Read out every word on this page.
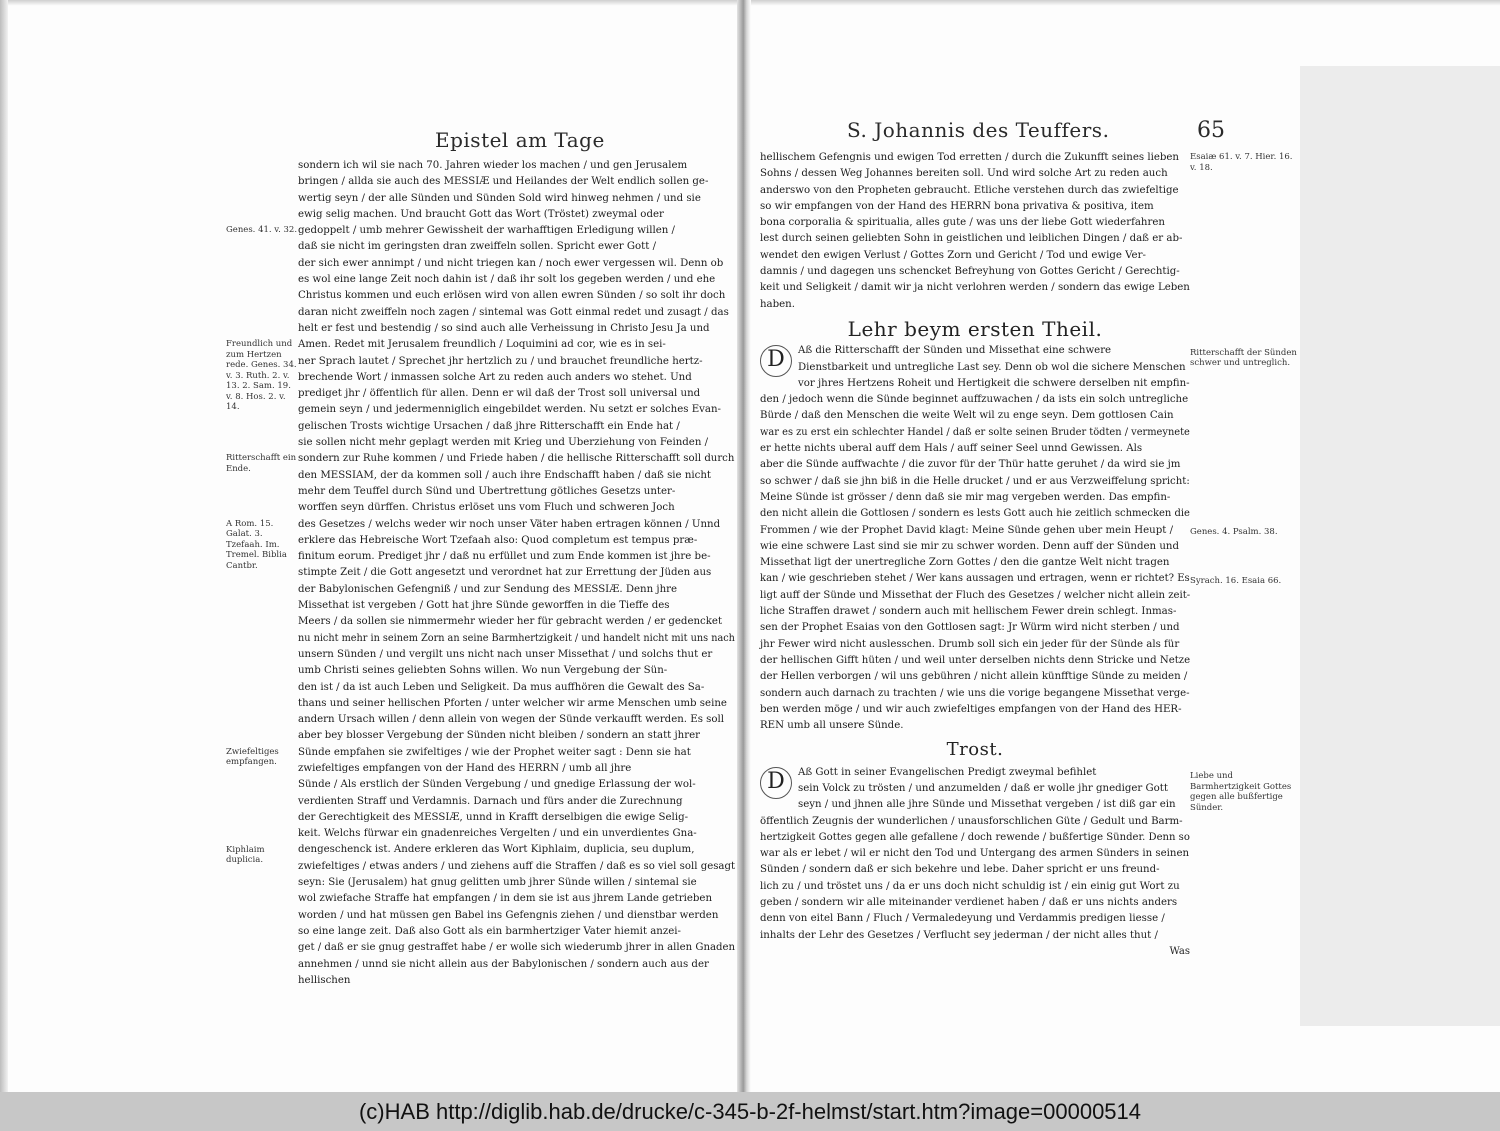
Epistel am Tage
sondern ich wil sie nach 70. Jahren wieder los machen / und gen Jerusalem
bringen / allda sie auch des MESSIÆ und Heilandes der Welt endlich sollen ge-
wertig seyn / der alle Sünden und Sünden Sold wird hinweg nehmen / und sie
ewig selig machen. Und braucht Gott das Wort (Tröstet) zweymal oder
gedoppelt / umb mehrer Gewissheit der warhafftigen Erledigung willen /
daß sie nicht im geringsten dran zweiffeln sollen. Spricht ewer Gott /
der sich ewer annimpt / und nicht triegen kan / noch ewer vergessen wil. Denn ob
es wol eine lange Zeit noch dahin ist / daß ihr solt los gegeben werden / und ehe
Christus kommen und euch erlösen wird von allen ewren Sünden / so solt ihr doch
daran nicht zweiffeln noch zagen / sintemal was Gott einmal redet und zusagt / das
helt er fest und bestendig / so sind auch alle Verheissung in Christo Jesu Ja und
Amen. Redet mit Jerusalem freundlich / Loquimini ad cor, wie es in sei-
ner Sprach lautet / Sprechet jhr hertzlich zu / und brauchet freundliche hertz-
brechende Wort / inmassen solche Art zu reden auch anders wo stehet. Und
prediget jhr / öffentlich für allen. Denn er wil daß der Trost soll universal und
gemein seyn / und jedermenniglich eingebildet werden. Nu setzt er solches Evan-
gelischen Trosts wichtige Ursachen / daß jhre Ritterschafft ein Ende hat /
sie sollen nicht mehr geplagt werden mit Krieg und Uberziehung von Feinden /
sondern zur Ruhe kommen / und Friede haben / die hellische Ritterschafft soll durch
den MESSIAM, der da kommen soll / auch ihre Endschafft haben / daß sie nicht
mehr dem Teuffel durch Sünd und Ubertrettung götliches Gesetzs unter-
worffen seyn dürffen. Christus erlöset uns vom Fluch und schweren Joch
des Gesetzes / welchs weder wir noch unser Väter haben ertragen können / Unnd
erklere das Hebreische Wort Tzefaah also: Quod completum est tempus præ-
finitum eorum. Prediget jhr / daß nu erfüllet und zum Ende kommen ist jhre be-
stimpte Zeit / die Gott angesetzt und verordnet hat zur Errettung der Jüden aus
der Babylonischen Gefengniß / und zur Sendung des MESSIÆ. Denn jhre
Missethat ist vergeben / Gott hat jhre Sünde geworffen in die Tieffe des
Meers / da sollen sie nimmermehr wieder her für gebracht werden / er gedencket
nu nicht mehr in seinem Zorn an seine Barmhertzigkeit / und handelt nicht mit uns nach
unsern Sünden / und vergilt uns nicht nach unser Missethat / und solchs thut er
umb Christi seines geliebten Sohns willen. Wo nun Vergebung der Sün-
den ist / da ist auch Leben und Seligkeit. Da mus auffhören die Gewalt des Sa-
thans und seiner hellischen Pforten / unter welcher wir arme Menschen umb seine
andern Ursach willen / denn allein von wegen der Sünde verkaufft werden. Es soll
aber bey blosser Vergebung der Sünden nicht bleiben / sondern an statt jhrer
Sünde empfahen sie zwifeltiges / wie der Prophet weiter sagt : Denn sie hat
zwiefeltiges empfangen von der Hand des HERRN / umb all jhre
Sünde / Als erstlich der Sünden Vergebung / und gnedige Erlassung der wol-
verdienten Straff und Verdamnis. Darnach und fürs ander die Zurechnung
der Gerechtigkeit des MESSIÆ, unnd in Krafft derselbigen die ewige Selig-
keit. Welchs fürwar ein gnadenreiches Vergelten / und ein unverdientes Gna-
dengeschenck ist. Andere erkleren das Wort Kiphlaim, duplicia, seu duplum,
zwiefeltiges / etwas anders / und ziehens auff die Straffen / daß es so viel soll gesagt
seyn: Sie (Jerusalem) hat gnug gelitten umb jhrer Sünde willen / sintemal sie
wol zwiefache Straffe hat empfangen / in dem sie ist aus jhrem Lande getrieben
worden / und hat müssen gen Babel ins Gefengnis ziehen / und dienstbar werden
so eine lange zeit. Daß also Gott als ein barmhertziger Vater hiemit anzei-
get / daß er sie gnug gestraffet habe / er wolle sich wiederumb jhrer in allen Gnaden
annehmen / unnd sie nicht allein aus der Babylonischen / sondern auch aus der
hellischen
Genes. 41. v. 32.
Freundlich und zum Hertzen rede. Genes. 34. v. 3. Ruth. 2. v. 13. 2. Sam. 19. v. 8. Hos. 2. v. 14.
Ritterschafft ein Ende.
A Rom. 15. Galat. 3. Tzefaah. Im. Tremel. Biblia Cantbr.
Zwiefeltiges empfangen.
Kiphlaim duplicia.
S. Johannis des Teuffers.	65
hellischem Gefengnis und ewigen Tod erretten / durch die Zukunfft seines lieben
Sohns / dessen Weg Johannes bereiten soll. Und wird solche Art zu reden auch
anderswo von den Propheten gebraucht. Etliche verstehen durch das zwiefeltige
so wir empfangen von der Hand des HERRN bona privativa & positiva, item
bona corporalia & spiritualia, alles gute / was uns der liebe Gott wiederfahren
lest durch seinen geliebten Sohn in geistlichen und leiblichen Dingen / daß er ab-
wendet den ewigen Verlust / Gottes Zorn und Gericht / Tod und ewige Ver-
damnis / und dagegen uns schencket Befreyhung von Gottes Gericht / Gerechtig-
keit und Seligkeit / damit wir ja nicht verlohren werden / sondern das ewige Leben
haben.
Lehr beym ersten Theil.
D	Aß die Ritterschafft der Sünden und Missethat eine schwere
Dienstbarkeit und untregliche Last sey. Denn ob wol die sichere Menschen
vor jhres Hertzens Roheit und Hertigkeit die schwere derselben nit empfin-
den / jedoch wenn die Sünde beginnet auffzuwachen / da ists ein solch untregliche
Bürde / daß den Menschen die weite Welt wil zu enge seyn. Dem gottlosen Cain
war es zu erst ein schlechter Handel / daß er solte seinen Bruder tödten / vermeynete
er hette nichts uberal auff dem Hals / auff seiner Seel unnd Gewissen. Als
aber die Sünde auffwachte / die zuvor für der Thür hatte geruhet / da wird sie jm
so schwer / daß sie jhn biß in die Helle drucket / und er aus Verzweiffelung spricht:
Meine Sünde ist grösser / denn daß sie mir mag vergeben werden. Das empfin-
den nicht allein die Gottlosen / sondern es lests Gott auch hie zeitlich schmecken die
Frommen / wie der Prophet David klagt: Meine Sünde gehen uber mein Heupt /
wie eine schwere Last sind sie mir zu schwer worden. Denn auff der Sünden und
Missethat ligt der unertregliche Zorn Gottes / den die gantze Welt nicht tragen
kan / wie geschrieben stehet / Wer kans aussagen und ertragen, wenn er richtet? Es
ligt auff der Sünde und Missethat der Fluch des Gesetzes / welcher nicht allein zeit-
liche Straffen drawet / sondern auch mit hellischem Fewer drein schlegt. Inmas-
sen der Prophet Esaias von den Gottlosen sagt: Jr Würm wird nicht sterben / und
jhr Fewer wird nicht auslesschen. Drumb soll sich ein jeder für der Sünde als für
der hellischen Gifft hüten / und weil unter derselben nichts denn Stricke und Netze
der Hellen verborgen / wil uns gebühren / nicht allein künfftige Sünde zu meiden /
sondern auch darnach zu trachten / wie uns die vorige begangene Missethat verge-
ben werden möge / und wir auch zwiefeltiges empfangen von der Hand des HER-
REN umb all unsere Sünde.
Trost.
D	Aß Gott in seiner Evangelischen Predigt zweymal befihlet
sein Volck zu trösten / und anzumelden / daß er wolle jhr gnediger Gott
seyn / und jhnen alle jhre Sünde und Missethat vergeben / ist diß gar ein
öffentlich Zeugnis der wunderlichen / unausforschlichen Güte / Gedult und Barm-
hertzigkeit Gottes gegen alle gefallene / doch rewende / bußfertige Sünder. Denn so
war als er lebet / wil er nicht den Tod und Untergang des armen Sünders in seinen
Sünden / sondern daß er sich bekehre und lebe. Daher spricht er uns freund-
lich zu / und tröstet uns / da er uns doch nicht schuldig ist / ein einig gut Wort zu
geben / sondern wir alle miteinander verdienet haben / daß er uns nichts anders
denn von eitel Bann / Fluch / Vermaledeyung und Verdammis predigen liesse /
inhalts der Lehr des Gesetzes / Verflucht sey jederman / der nicht alles thut /
Was
Esaiæ 61. v. 7. Hier. 16. v. 18.
Ritterschafft der Sünden schwer und untreglich.
Genes. 4. Psalm. 38.
Syrach. 16. Esaia 66.
Liebe und Barmhertzigkeit Gottes gegen alle bußfertige Sünder.
(c)HAB http://diglib.hab.de/drucke/c-345-b-2f-helmst/start.htm?image=00000514
